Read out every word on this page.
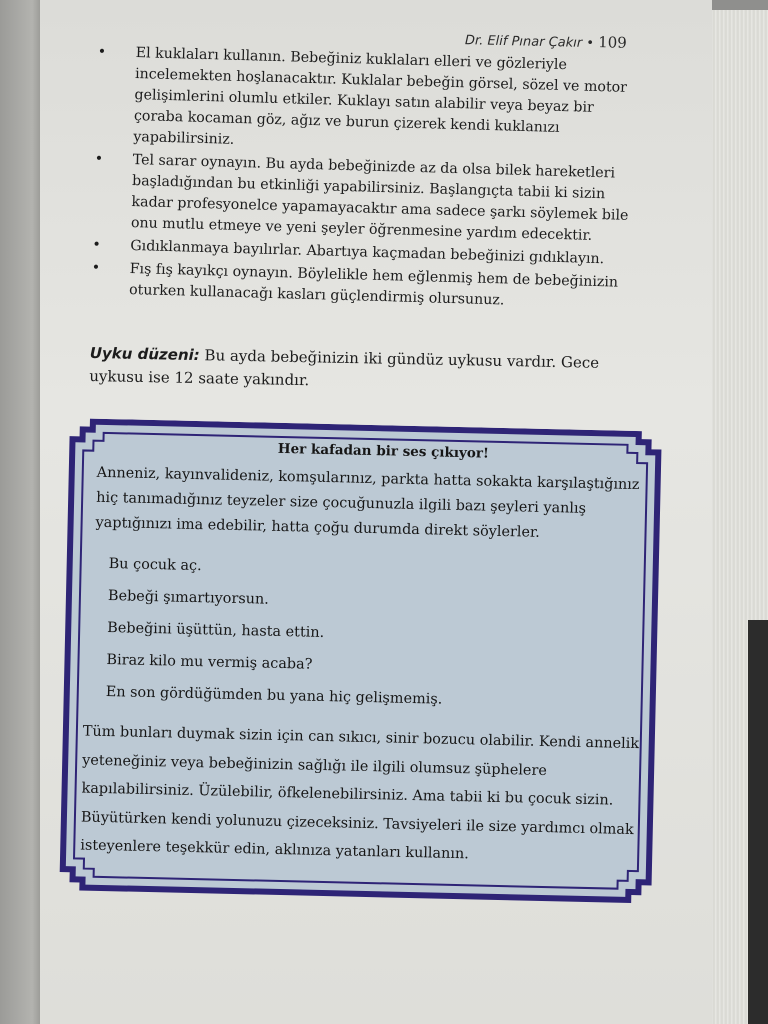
Dr. Elif Pınar Çakır • 109
• El kuklaları kullanın. Bebeğiniz kuklaları elleri ve gözleriyle incelemekten hoşlanacaktır. Kuklalar bebeğin görsel, sözel ve motor gelişimlerini olumlu etkiler. Kuklayı satın alabilir veya beyaz bir çoraba kocaman göz, ağız ve burun çizerek kendi kuklanızı yapabilirsiniz.
• Tel sarar oynayın. Bu ayda bebeğinizde az da olsa bilek hareketleri başladığından bu etkinliği yapabilirsiniz. Başlangıçta tabii ki sizin kadar profesyonelce yapamayacaktır ama sadece şarkı söylemek bile onu mutlu etmeye ve yeni şeyler öğrenmesine yardım edecektir.
• Gıdıklanmaya bayılırlar. Abartıya kaçmadan bebeğinizi gıdıklayın.
• Fış fış kayıkçı oynayın. Böylelikle hem eğlenmiş hem de bebeğinizin oturken kullanacağı kasları güçlendirmiş olursunuz.
Uyku düzeni: Bu ayda bebeğinizin iki gündüz uykusu vardır. Gece uykusu ise 12 saate yakındır.
Her kafadan bir ses çıkıyor!
Anneniz, kayınvalideniz, komşularınız, parkta hatta sokakta karşılaştığınız hiç tanımadığınız teyzeler size çocuğunuzla ilgili bazı şeyleri yanlış yaptığınızı ima edebilir, hatta çoğu durumda direkt söylerler.
Bu çocuk aç.
Bebeği şımartıyorsun.
Bebeğini üşüttün, hasta ettin.
Biraz kilo mu vermiş acaba?
En son gördüğümden bu yana hiç gelişmemiş.
Tüm bunları duymak sizin için can sıkıcı, sinir bozucu olabilir. Kendi annelik yeteneğiniz veya bebeğinizin sağlığı ile ilgili olumsuz şüphelere kapılabilirsiniz. Üzülebilir, öfkelenebilirsiniz. Ama tabii ki bu çocuk sizin. Büyütürken kendi yolunuzu çizeceksiniz. Tavsiyeleri ile size yardımcı olmak isteyenlere teşekkür edin, aklınıza yatanları kullanın.
